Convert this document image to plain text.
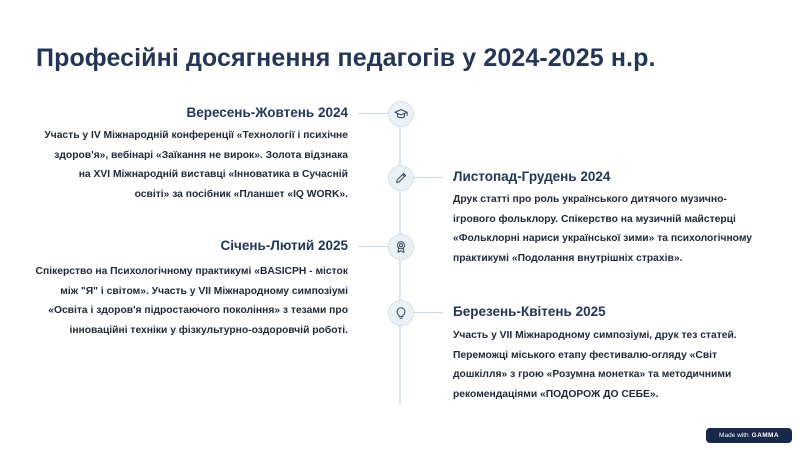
Професійні досягнення педагогів у 2024-2025 н.р.
Вересень-Жовтень 2024
Участь у IV Міжнародній конференції «Технології і психічне здоров'я», вебінарі «Заїкання не вирок». Золота відзнака на XVI Міжнародній виставці «Інноватика в Сучасній освіті» за посібник «Планшет «IQ WORK».
Листопад-Грудень 2024
Друк статті про роль українського дитячого музично-ігрового фольклору. Спікерство на музичній майстерці «Фольклорні нариси української зими» та психологічному практикумі «Подолання внутрішніх страхів».
Січень-Лютий 2025
Спікерство на Психологічному практикумі «BASICPH - місток між "Я" і світом». Участь у VII Міжнародному симпозіумі «Освіта і здоров'я підростаючого покоління» з тезами про інноваційні техніки у фізкультурно-оздоровчій роботі.
Березень-Квітень 2025
Участь у VII Міжнародному симпозіумі, друк тез статей. Переможці міського етапу фестивалю-огляду «Світ дошкілля» з грою «Розумна монетка» та методичними рекомендаціями «ПОДОРОЖ ДО СЕБЕ».
Made with GAMMA
